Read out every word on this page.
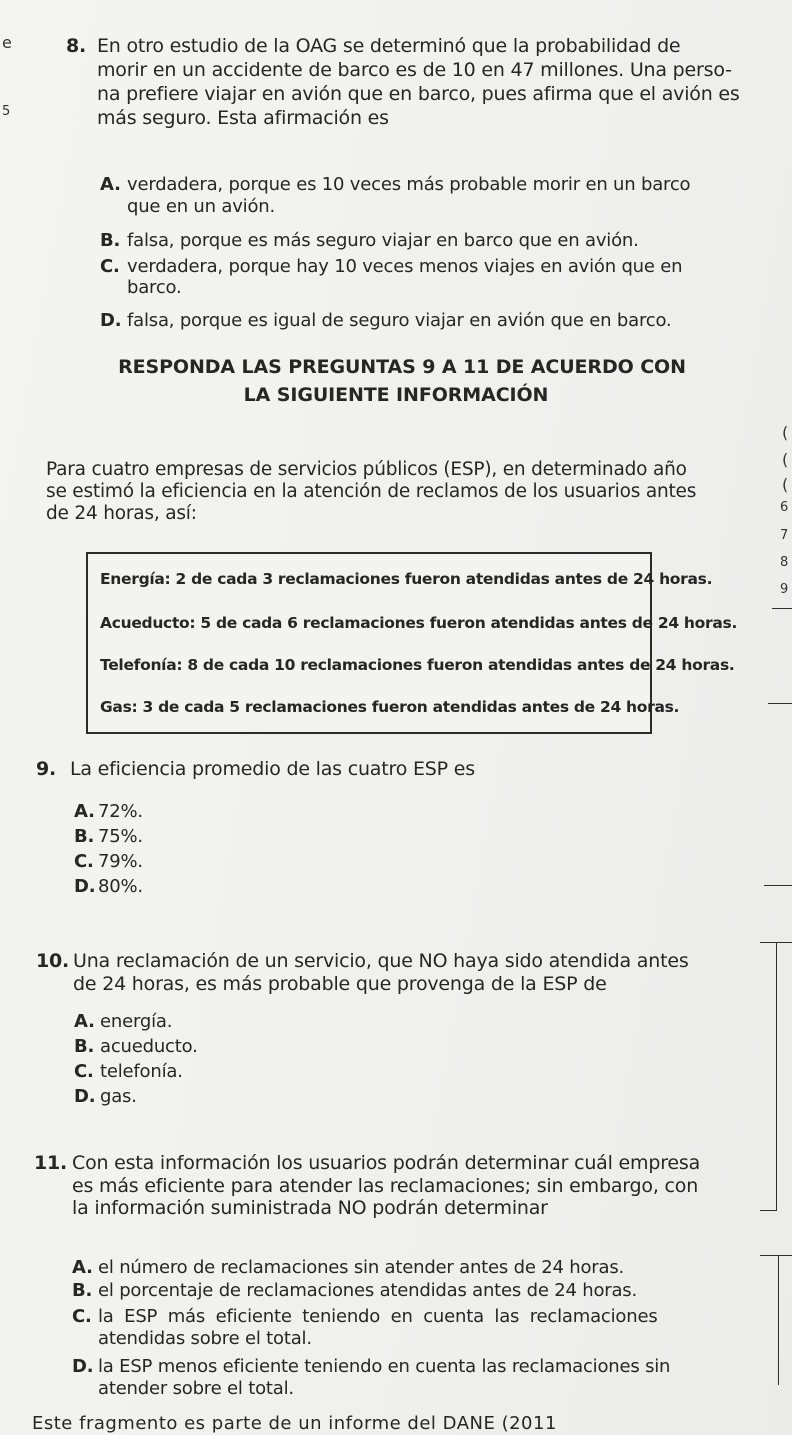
e
5
8. En otro estudio de la OAG se determinó que la probabilidad de
morir en un accidente de barco es de 10 en 47 millones. Una perso-
na prefiere viajar en avión que en barco, pues afirma que el avión es
más seguro. Esta afirmación es
A. verdadera, porque es 10 veces más probable morir en un barco
que en un avión.
B. falsa, porque es más seguro viajar en barco que en avión.
C. verdadera, porque hay 10 veces menos viajes en avión que en
barco.
D. falsa, porque es igual de seguro viajar en avión que en barco.
RESPONDA LAS PREGUNTAS 9 A 11 DE ACUERDO CON
LA SIGUIENTE INFORMACIÓN
Para cuatro empresas de servicios públicos (ESP), en determinado año
se estimó la eficiencia en la atención de reclamos de los usuarios antes
de 24 horas, así:
Energía: 2 de cada 3 reclamaciones fueron atendidas antes de 24 horas.
Acueducto: 5 de cada 6 reclamaciones fueron atendidas antes de 24 horas.
Telefonía: 8 de cada 10 reclamaciones fueron atendidas antes de 24 horas.
Gas: 3 de cada 5 reclamaciones fueron atendidas antes de 24 horas.
(
(
(
6
7
8
9
9. La eficiencia promedio de las cuatro ESP es
A. 72%.
B. 75%.
C. 79%.
D. 80%.
10. Una reclamación de un servicio, que NO haya sido atendida antes
de 24 horas, es más probable que provenga de la ESP de
A. energía.
B. acueducto.
C. telefonía.
D. gas.
11. Con esta información los usuarios podrán determinar cuál empresa
es más eficiente para atender las reclamaciones; sin embargo, con
la información suministrada NO podrán determinar
A. el número de reclamaciones sin atender antes de 24 horas.
B. el porcentaje de reclamaciones atendidas antes de 24 horas.
C. la ESP más eficiente teniendo en cuenta las reclamaciones
atendidas sobre el total.
D. la ESP menos eficiente teniendo en cuenta las reclamaciones sin
atender sobre el total.
Este fragmento es parte de un informe del DANE (2011
